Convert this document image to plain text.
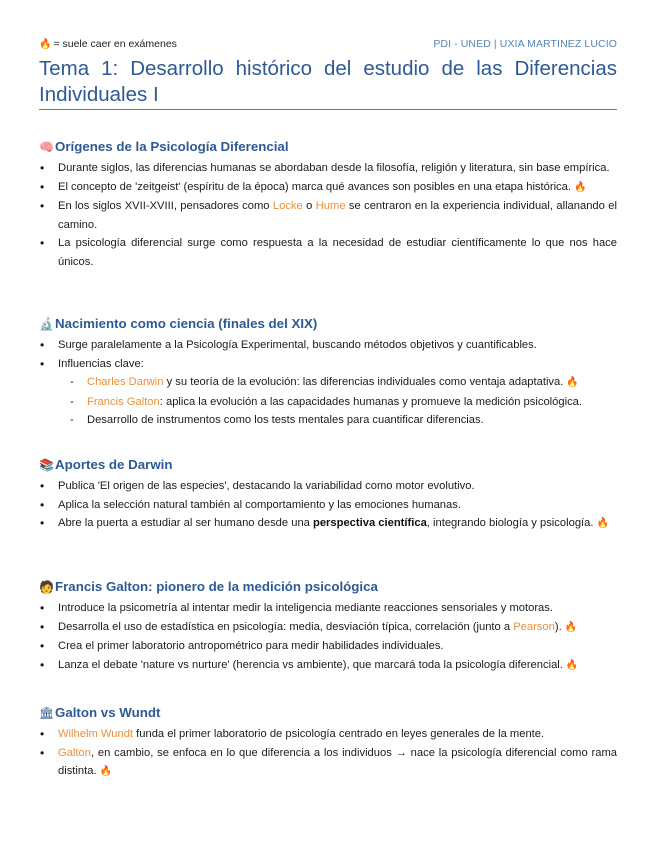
🔥 = suele caer en exámenes	PDI - UNED | UXIA MARTINEZ LUCIO
Tema 1: Desarrollo histórico del estudio de las Diferencias Individuales I
🧠Orígenes de la Psicología Diferencial
• Durante siglos, las diferencias humanas se abordaban desde la filosofía, religión y literatura, sin base empírica.
• El concepto de 'zeitgeist' (espíritu de la época) marca qué avances son posibles en una etapa histórica. 🔥
• En los siglos XVII-XVIII, pensadores como Locke o Hume se centraron en la experiencia individual, allanando el camino.
• La psicología diferencial surge como respuesta a la necesidad de estudiar científicamente lo que nos hace únicos.
🔬Nacimiento como ciencia (finales del XIX)
• Surge paralelamente a la Psicología Experimental, buscando métodos objetivos y cuantificables.
• Influencias clave:
- Charles Darwin y su teoría de la evolución: las diferencias individuales como ventaja adaptativa. 🔥
- Francis Galton: aplica la evolución a las capacidades humanas y promueve la medición psicológica.
- Desarrollo de instrumentos como los tests mentales para cuantificar diferencias.
📚Aportes de Darwin
• Publica 'El origen de las especies', destacando la variabilidad como motor evolutivo.
• Aplica la selección natural también al comportamiento y las emociones humanas.
• Abre la puerta a estudiar al ser humano desde una perspectiva científica, integrando biología y psicología. 🔥
🧑Francis Galton: pionero de la medición psicológica
• Introduce la psicometría al intentar medir la inteligencia mediante reacciones sensoriales y motoras.
• Desarrolla el uso de estadística en psicología: media, desviación típica, correlación (junto a Pearson). 🔥
• Crea el primer laboratorio antropométrico para medir habilidades individuales.
• Lanza el debate 'nature vs nurture' (herencia vs ambiente), que marcará toda la psicología diferencial. 🔥
🏛Galton vs Wundt
• Wilhelm Wundt funda el primer laboratorio de psicología centrado en leyes generales de la mente.
• Galton, en cambio, se enfoca en lo que diferencia a los individuos → nace la psicología diferencial como rama distinta. 🔥
